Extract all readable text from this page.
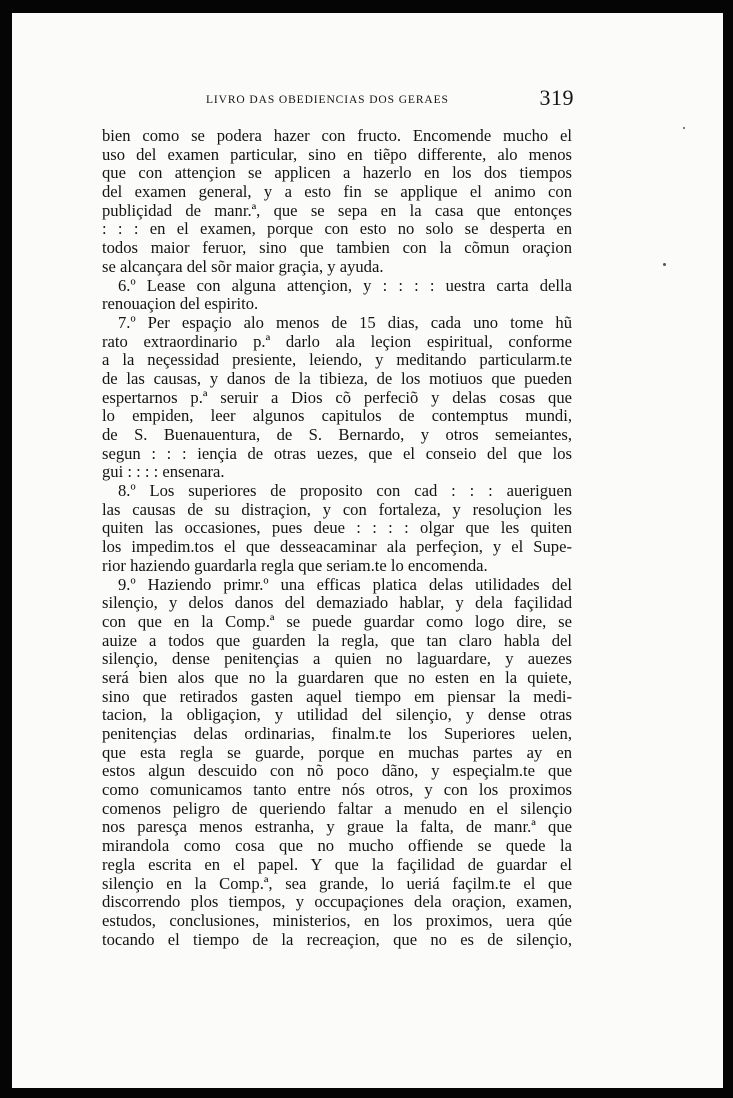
LIVRO DAS OBEDIENCIAS DOS GERAES	319
bien como se podera hazer con fructo. Encomende mucho el
uso del examen particular, sino en tiẽpo differente, alo menos
que con attençion se applicen a hazerlo en los dos tiempos
del examen general, y a esto fin se applique el animo con
publiçidad de manr.ª, que se sepa en la casa que entonçes
: : : en el examen, porque con esto no solo se desperta en
todos maior feruor, sino que tambien con la cõmun oraçion
se alcançara del sõr maior graçia, y ayuda.
6.º Lease con alguna attençion, y : : : : uestra carta della
renouaçion del espirito.
7.º Per espaçio alo menos de 15 dias, cada uno tome hũ
rato extraordinario p.ª darlo ala leçion espiritual, conforme
a la neçessidad presiente, leiendo, y meditando particularm.te
de las causas, y danos de la tibieza, de los motiuos que pueden
espertarnos p.ª seruir a Dios cõ perfeciõ y delas cosas que
lo empiden, leer algunos capitulos de contemptus mundi,
de S. Buenauentura, de S. Bernardo, y otros semeiantes,
segun : : : iençia de otras uezes, que el conseio del que los
gui : : : : ensenara.
8.º Los superiores de proposito con cad : : : aueriguen
las causas de su distraçion, y con fortaleza, y resoluçion les
quiten las occasiones, pues deue : : : : olgar que les quiten
los impedim.tos el que desseacaminar ala perfeçion, y el Supe-
rior haziendo guardarla regla que seriam.te lo encomenda.
9.º Haziendo primr.º una efficas platica delas utilidades del
silençio, y delos danos del demaziado hablar, y dela façilidad
con que en la Comp.ª se puede guardar como logo dire, se
auize a todos que guarden la regla, que tan claro habla del
silençio, dense penitençias a quien no laguardare, y auezes
será bien alos que no la guardaren que no esten en la quiete,
sino que retirados gasten aquel tiempo em piensar la medi-
tacion, la obligaçion, y utilidad del silençio, y dense otras
penitençias delas ordinarias, finalm.te los Superiores uelen,
que esta regla se guarde, porque en muchas partes ay en
estos algun descuido con nõ poco dãno, y espeçialm.te que
como comunicamos tanto entre nós otros, y con los proximos
comenos peligro de queriendo faltar a menudo en el silençio
nos paresça menos estranha, y graue la falta, de manr.ª que
mirandola como cosa que no mucho offiende se quede la
regla escrita en el papel. Y que la façilidad de guardar el
silençio en la Comp.ª, sea grande, lo ueriá façilm.te el que
discorrendo plos tiempos, y occupaçiones dela oraçion, examen,
estudos, conclusiones, ministerios, en los proximos, uera qúe
tocando el tiempo de la recreaçion, que no es de silençio,
